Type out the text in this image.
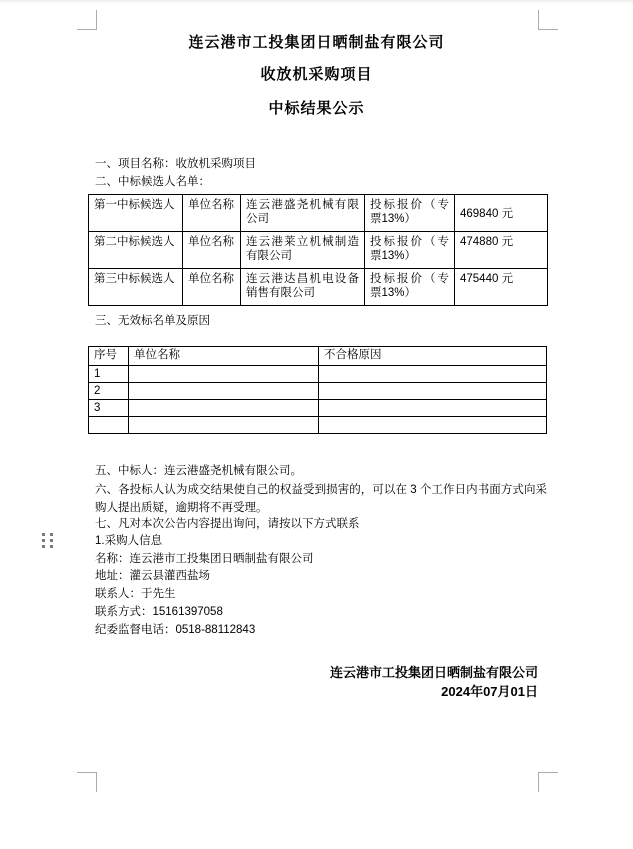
连云港市工投集团日晒制盐有限公司
收放机采购项目
中标结果公示
一、项目名称：收放机采购项目
二、中标候选人名单：
第一中标候选人	单位名称	连云港盛尧机械有限公司	投标报价（专票13%）	469840 元
第二中标候选人	单位名称	连云港莱立机械制造有限公司	投标报价（专票13%）	474880 元
第三中标候选人	单位名称	连云港达昌机电设备销售有限公司	投标报价（专票13%）	475440 元
三、无效标名单及原因
序号	单位名称	不合格原因
1		
2		
3		

五、中标人：连云港盛尧机械有限公司。
六、各投标人认为成交结果使自己的权益受到损害的，可以在 3 个工作日内书面方式向采购人提出质疑，逾期将不再受理。
七、凡对本次公告内容提出询问，请按以下方式联系
1.采购人信息
名称：连云港市工投集团日晒制盐有限公司
地址：灌云县灌西盐场
联系人：于先生
联系方式：15161397058
纪委监督电话：0518-88112843
连云港市工投集团日晒制盐有限公司
2024年07月01日
